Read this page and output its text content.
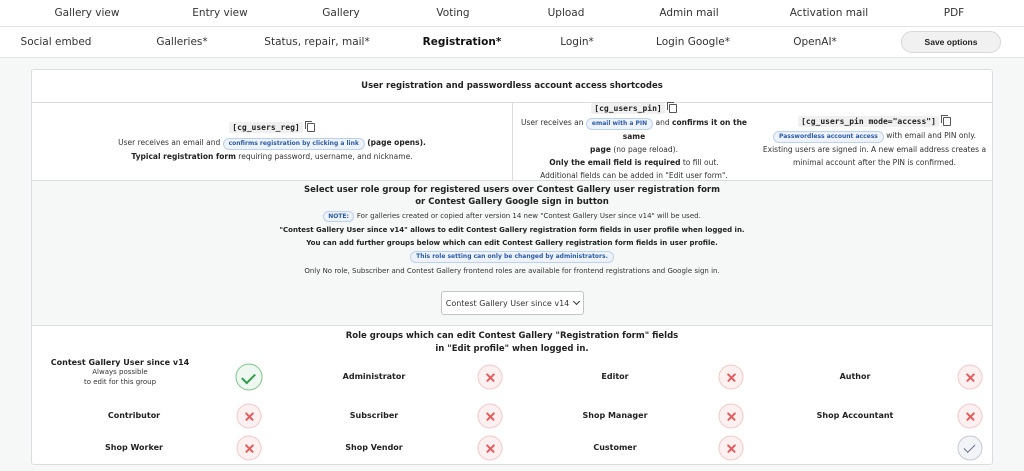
Gallery view	Entry view	Gallery	Voting	Upload	Admin mail	Activation mail	PDF
Social embed	Galleries*	Status, repair, mail*	Registration*	Login*	Login Google*	OpenAI*	Save options
User registration and passwordless account access shortcodes
[cg_users_reg]
User receives an email and confirms registration by clicking a link (page opens).
Typical registration form requiring password, username, and nickname.
[cg_users_pin]
User receives an email with a PIN and confirms it on the same
page (no page reload).
Only the email field is required to fill out.
Additional fields can be added in "Edit user form".
[cg_users_pin mode="access"]
Passwordless account access with email and PIN only.
Existing users are signed in. A new email address creates a
minimal account after the PIN is confirmed.
Select user role group for registered users over Contest Gallery user registration form
or Contest Gallery Google sign in button
NOTE: For galleries created or copied after version 14 new "Contest Gallery User since v14" will be used.
"Contest Gallery User since v14" allows to edit Contest Gallery registration form fields in user profile when logged in.
You can add further groups below which can edit Contest Gallery registration form fields in user profile.
This role setting can only be changed by administrators.
Only No role, Subscriber and Contest Gallery frontend roles are available for frontend registrations and Google sign in.
Contest Gallery User since v14
Role groups which can edit Contest Gallery "Registration form" fields
in "Edit profile" when logged in.
Contest Gallery User since v14
Always possible
to edit for this group
Administrator	Editor	Author
Contributor	Subscriber	Shop Manager	Shop Accountant
Shop Worker	Shop Vendor	Customer
